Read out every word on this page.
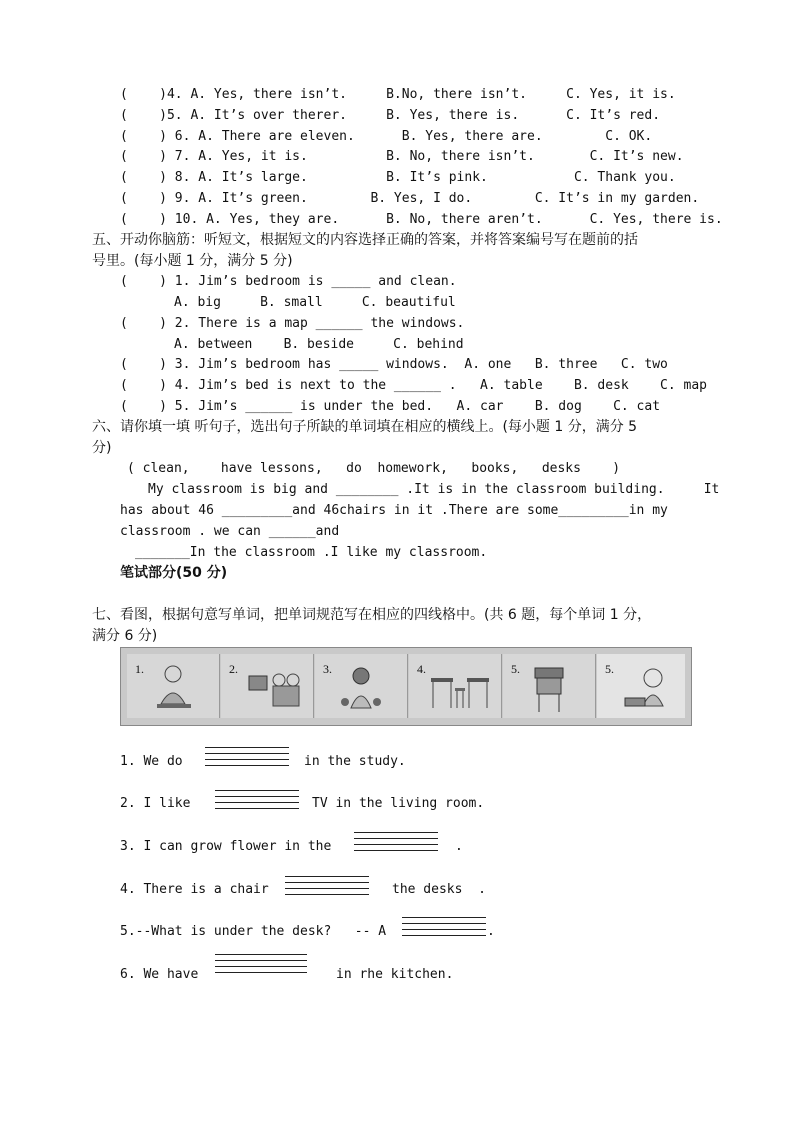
(    )4. A. Yes, there isn’t.     B.No, there isn’t.     C. Yes, it is.
(    )5. A. It’s over therer.     B. Yes, there is.      C. It’s red.
(    ) 6. A. There are eleven.      B. Yes, there are.        C. OK.
(    ) 7. A. Yes, it is.          B. No, there isn’t.       C. It’s new.
(    ) 8. A. It’s large.          B. It’s pink.           C. Thank you.
(    ) 9. A. It’s green.        B. Yes, I do.        C. It’s in my garden.
(    ) 10. A. Yes, they are.      B. No, there aren’t.      C. Yes, there is.
五、开动你脑筋：听短文，根据短文的内容选择正确的答案，并将答案编号写在题前的括
号里。(每小题 1 分，满分 5 分)
(    ) 1. Jim’s bedroom is _____ and clean.
A. big     B. small     C. beautiful
(    ) 2. There is a map ______ the windows.
A. between    B. beside     C. behind
(    ) 3. Jim’s bedroom has _____ windows.  A. one   B. three   C. two
(    ) 4. Jim’s bed is next to the ______ .   A. table    B. desk    C. map
(    ) 5. Jim’s ______ is under the bed.   A. car    B. dog    C. cat
六、请你填一填 听句子，选出句子所缺的单词填在相应的横线上。(每小题 1 分，满分 5
分)
( clean,    have lessons,   do  homework,   books,   desks    )
My classroom is big and ________ .It is in the classroom building.     It
has about 46 _________and 46chairs in it .There are some_________in my
classroom . we can ______and
_______In the classroom .I like my classroom.
笔试部分(50 分)
七、看图，根据句意写单词，把单词规范写在相应的四线格中。(共 6 题，每个单词 1 分，
满分 6 分)
1.	2.	3.	4.	5.	5.
1. We do	in the study.
2. I like	TV in the living room.
3. I can grow flower in the	.
4. There is a chair	the desks  .
5.--What is under the desk?   -- A	.
6. We have	in rhe kitchen.
